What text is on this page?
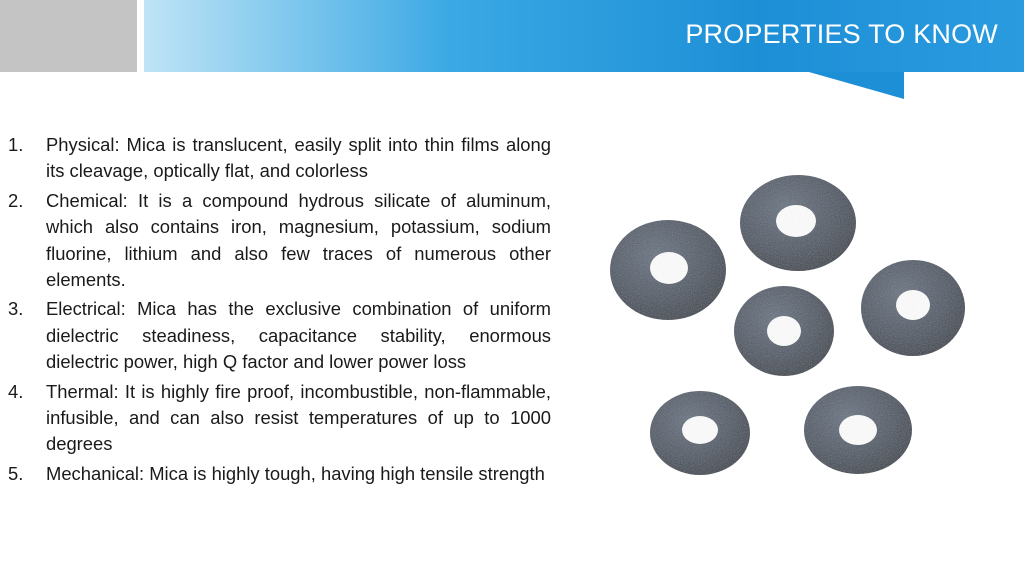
PROPERTIES TO KNOW
1.	Physical: Mica is translucent, easily split into thin films along its cleavage, optically flat, and colorless
2.	Chemical: It is a compound hydrous silicate of aluminum, which also contains iron, magnesium, potassium, sodium fluorine, lithium and also few traces of numerous other elements.
3.	Electrical: Mica has the exclusive combination of uniform dielectric steadiness, capacitance stability, enormous dielectric power, high Q factor and lower power loss
4.	Thermal: It is highly fire proof, incombustible, non-flammable, infusible, and can also resist temperatures of up to 1000 degrees
5.	Mechanical: Mica is highly tough, having high tensile strength
